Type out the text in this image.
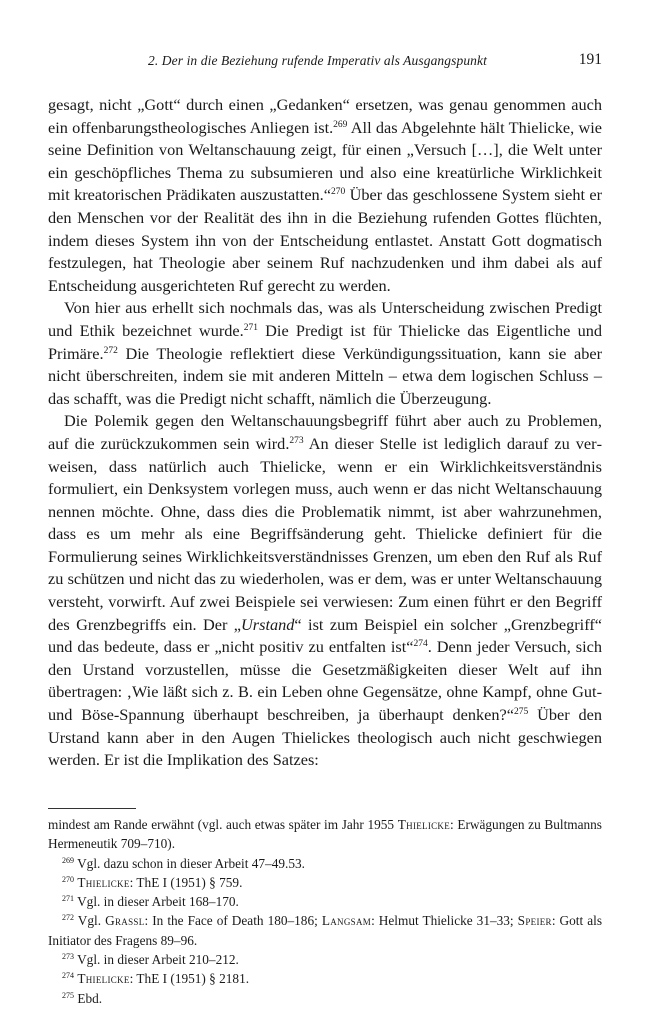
2. Der in die Beziehung rufende Imperativ als Ausgangspunkt	191

gesagt, nicht „Gott“ durch einen „Gedanken“ ersetzen, was genau genommen auch ein offenbarungstheologisches Anliegen ist.$^{269}$ All das Abgelehnte hält Thielicke, wie seine Definition von Weltanschauung zeigt, für einen „Versuch […], die Welt unter ein geschöpfliches Thema zu subsumieren und also eine kreatürliche Wirklichkeit mit kreatorischen Prädikaten auszustatten.“$^{270}$ Über das geschlossene System sieht er den Menschen vor der Realität des ihn in die Beziehung rufenden Gottes flüchten, indem dieses System ihn von der Entscheidung entlastet. Anstatt Gott dogmatisch festzulegen, hat Theologie aber seinem Ruf nachzudenken und ihm dabei als auf Entscheidung ausgerichteten Ruf gerecht zu werden.

Von hier aus erhellt sich nochmals das, was als Unterscheidung zwischen Predigt und Ethik bezeichnet wurde.$^{271}$ Die Predigt ist für Thielicke das Eigentliche und Primäre.$^{272}$ Die Theologie reflektiert diese Verkündigungssituation, kann sie aber nicht überschreiten, indem sie mit anderen Mitteln – etwa dem logischen Schluss – das schafft, was die Predigt nicht schafft, nämlich die Überzeugung.

Die Polemik gegen den Weltanschauungsbegriff führt aber auch zu Problemen, auf die zurückzukommen sein wird.$^{273}$ An dieser Stelle ist lediglich darauf zu verweisen, dass natürlich auch Thielicke, wenn er ein Wirklichkeitsverständnis formuliert, ein Denksystem vorlegen muss, auch wenn er das nicht Weltanschauung nennen möchte. Ohne, dass dies die Problematik nimmt, ist aber wahrzunehmen, dass es um mehr als eine Begriffsänderung geht. Thielicke definiert für die Formulierung seines Wirklichkeitsverständnisses Grenzen, um eben den Ruf als Ruf zu schützen und nicht das zu wiederholen, was er dem, was er unter Weltanschauung versteht, vorwirft. Auf zwei Beispiele sei verwiesen: Zum einen führt er den Begriff des Grenzbegriffs ein. Der „Urstand“ ist zum Beispiel ein solcher „Grenzbegriff“ und das bedeute, dass er „nicht positiv zu entfalten ist“$^{274}$. Denn jeder Versuch, sich den Urstand vorzustellen, müsse die Gesetzmäßigkeiten dieser Welt auf ihn übertragen: ‚Wie läßt sich z. B. ein Leben ohne Gegensätze, ohne Kampf, ohne Gut- und Böse-Spannung überhaupt beschreiben, ja überhaupt denken?“$^{275}$ Über den Urstand kann aber in den Augen Thielickes theologisch auch nicht geschwiegen werden. Er ist die Implikation des Satzes:

mindest am Rande erwähnt (vgl. auch etwas später im Jahr 1955 Thielicke: Erwägungen zu Bultmanns Hermeneutik 709–710).

$^{269}$ Vgl. dazu schon in dieser Arbeit 47–49.53.

$^{270}$ Thielicke: ThE I (1951) § 759.

$^{271}$ Vgl. in dieser Arbeit 168–170.

$^{272}$ Vgl. Grassl: In the Face of Death 180–186; Langsam: Helmut Thielicke 31–33; Speier: Gott als Initiator des Fragens 89–96.

$^{273}$ Vgl. in dieser Arbeit 210–212.

$^{274}$ Thielicke: ThE I (1951) § 2181.

$^{275}$ Ebd.
